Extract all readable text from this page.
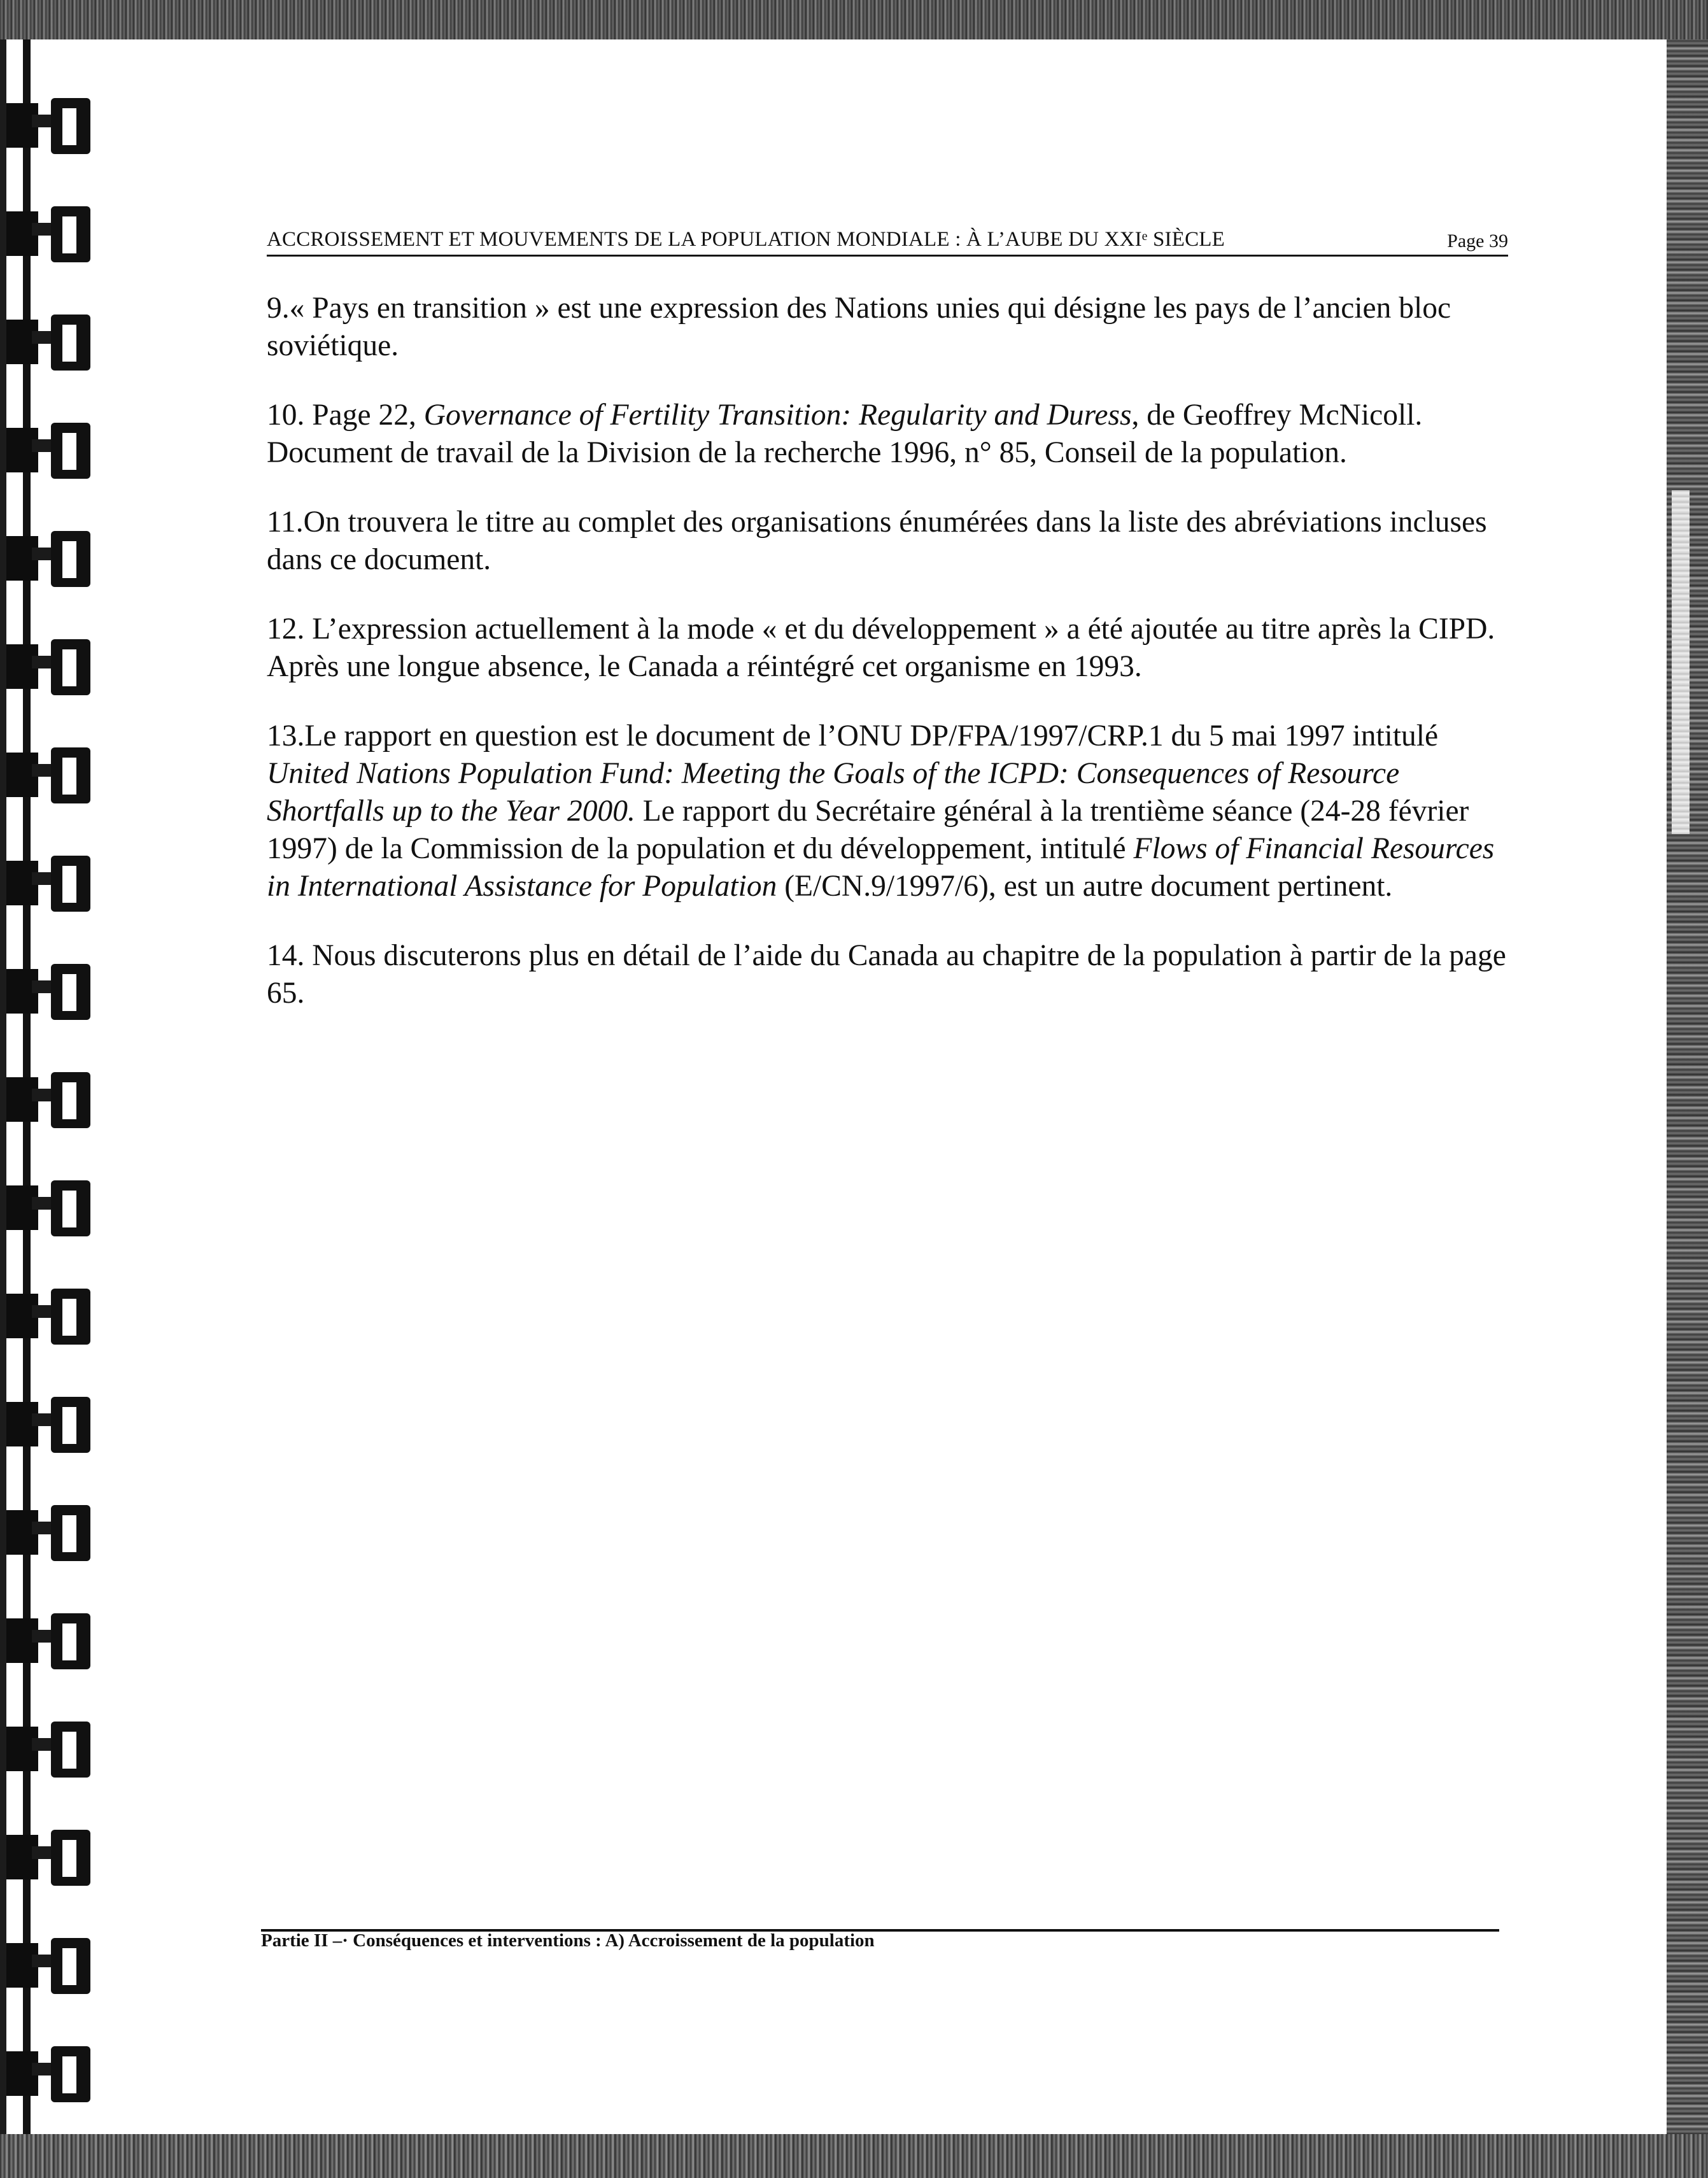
ACCROISSEMENT ET MOUVEMENTS DE LA POPULATION MONDIALE : À L’AUBE DU XXIᵉ SIÈCLE	Page 39

9.« Pays en transition » est une expression des Nations unies qui désigne les pays de l’ancien bloc soviétique.

10. Page 22, Governance of Fertility Transition: Regularity and Duress, de Geoffrey McNicoll. Document de travail de la Division de la recherche 1996, n° 85, Conseil de la population.

11.On trouvera le titre au complet des organisations énumérées dans la liste des abréviations incluses dans ce document.

12. L’expression actuellement à la mode « et du développement » a été ajoutée au titre après la CIPD. Après une longue absence, le Canada a réintégré cet organisme en 1993.

13.Le rapport en question est le document de l’ONU DP/FPA/1997/CRP.1 du 5 mai 1997 intitulé United Nations Population Fund: Meeting the Goals of the ICPD: Consequences of Resource Shortfalls up to the Year 2000. Le rapport du Secrétaire général à la trentième séance (24-28 février 1997) de la Commission de la population et du développement, intitulé Flows of Financial Resources in International Assistance for Population (E/CN.9/1997/6), est un autre document pertinent.

14. Nous discuterons plus en détail de l’aide du Canada au chapitre de la population à partir de la page 65.

Partie II –· Conséquences et interventions : A) Accroissement de la population
